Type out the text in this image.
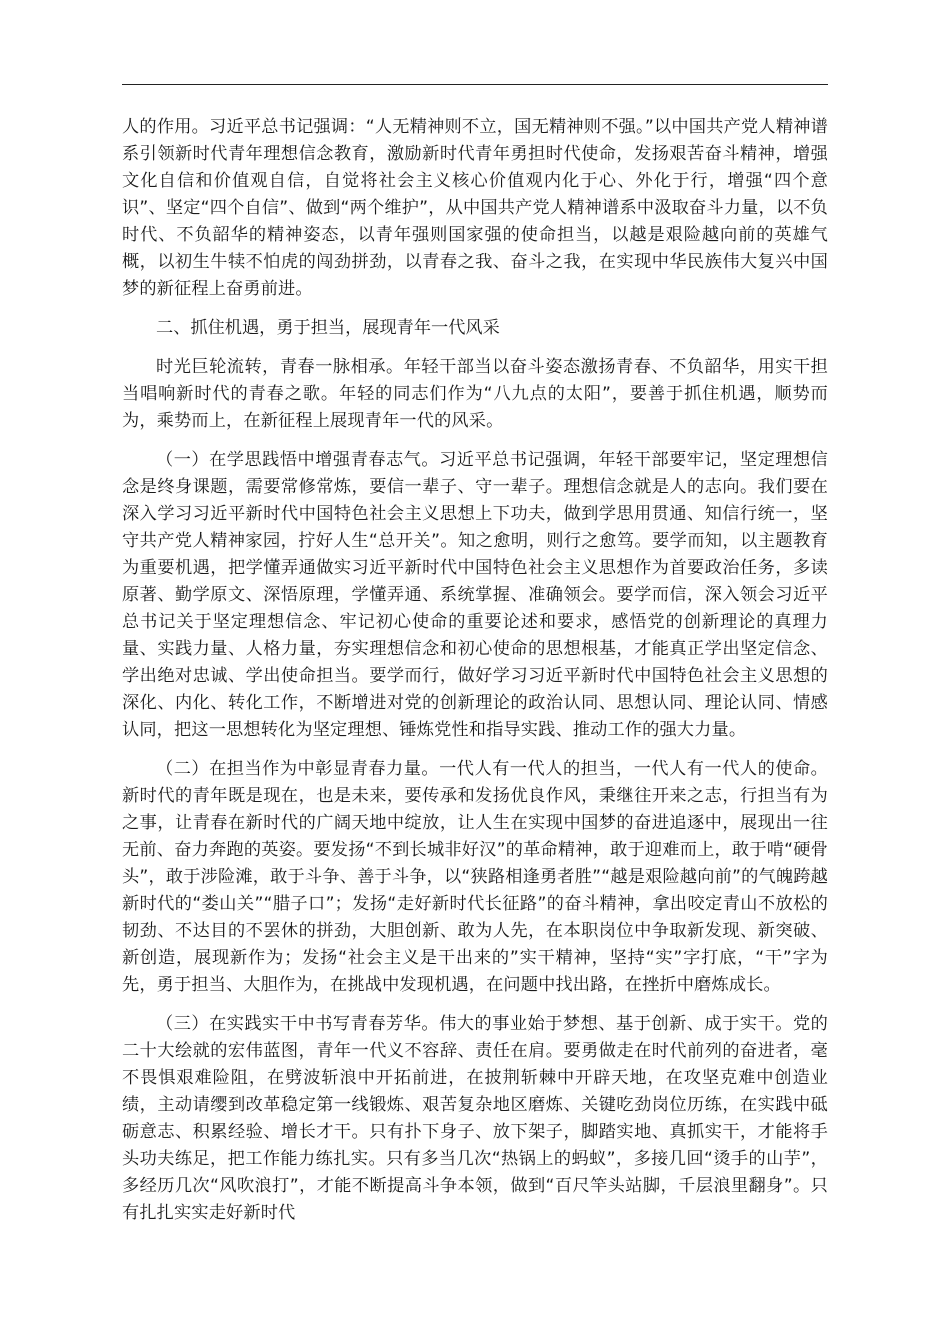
人的作用。习近平总书记强调：“人无精神则不立，国无精神则不强。”以中国共产党人精神谱系引领新时代青年理想信念教育，激励新时代青年勇担时代使命，发扬艰苦奋斗精神，增强文化自信和价值观自信，自觉将社会主义核心价值观内化于心、外化于行，增强“四个意识”、坚定“四个自信”、做到“两个维护”，从中国共产党人精神谱系中汲取奋斗力量，以不负时代、不负韶华的精神姿态，以青年强则国家强的使命担当，以越是艰险越向前的英雄气概，以初生牛犊不怕虎的闯劲拼劲，以青春之我、奋斗之我，在实现中华民族伟大复兴中国梦的新征程上奋勇前进。

二、抓住机遇，勇于担当，展现青年一代风采

时光巨轮流转，青春一脉相承。年轻干部当以奋斗姿态激扬青春、不负韶华，用实干担当唱响新时代的青春之歌。年轻的同志们作为“八九点的太阳”，要善于抓住机遇，顺势而为，乘势而上，在新征程上展现青年一代的风采。

（一）在学思践悟中增强青春志气。习近平总书记强调，年轻干部要牢记，坚定理想信念是终身课题，需要常修常炼，要信一辈子、守一辈子。理想信念就是人的志向。我们要在深入学习习近平新时代中国特色社会主义思想上下功夫，做到学思用贯通、知信行统一，坚守共产党人精神家园，拧好人生“总开关”。知之愈明，则行之愈笃。要学而知，以主题教育为重要机遇，把学懂弄通做实习近平新时代中国特色社会主义思想作为首要政治任务，多读原著、勤学原文、深悟原理，学懂弄通、系统掌握、准确领会。要学而信，深入领会习近平总书记关于坚定理想信念、牢记初心使命的重要论述和要求，感悟党的创新理论的真理力量、实践力量、人格力量，夯实理想信念和初心使命的思想根基，才能真正学出坚定信念、学出绝对忠诚、学出使命担当。要学而行，做好学习习近平新时代中国特色社会主义思想的深化、内化、转化工作，不断增进对党的创新理论的政治认同、思想认同、理论认同、情感认同，把这一思想转化为坚定理想、锤炼党性和指导实践、推动工作的强大力量。

（二）在担当作为中彰显青春力量。一代人有一代人的担当，一代人有一代人的使命。新时代的青年既是现在，也是未来，要传承和发扬优良作风，秉继往开来之志，行担当有为之事，让青春在新时代的广阔天地中绽放，让人生在实现中国梦的奋进追逐中，展现出一往无前、奋力奔跑的英姿。要发扬“不到长城非好汉”的革命精神，敢于迎难而上，敢于啃“硬骨头”，敢于涉险滩，敢于斗争、善于斗争，以“狭路相逢勇者胜”“越是艰险越向前”的气魄跨越新时代的“娄山关”“腊子口”；发扬“走好新时代长征路”的奋斗精神，拿出咬定青山不放松的韧劲、不达目的不罢休的拼劲，大胆创新、敢为人先，在本职岗位中争取新发现、新突破、新创造，展现新作为；发扬“社会主义是干出来的”实干精神，坚持“实”字打底，“干”字为先，勇于担当、大胆作为，在挑战中发现机遇，在问题中找出路，在挫折中磨炼成长。

（三）在实践实干中书写青春芳华。伟大的事业始于梦想、基于创新、成于实干。党的二十大绘就的宏伟蓝图，青年一代义不容辞、责任在肩。要勇做走在时代前列的奋进者，毫不畏惧艰难险阻，在劈波斩浪中开拓前进，在披荆斩棘中开辟天地，在攻坚克难中创造业绩，主动请缨到改革稳定第一线锻炼、艰苦复杂地区磨炼、关键吃劲岗位历练，在实践中砥砺意志、积累经验、增长才干。只有扑下身子、放下架子，脚踏实地、真抓实干，才能将手头功夫练足，把工作能力练扎实。只有多当几次“热锅上的蚂蚁”，多接几回“烫手的山芋”，多经历几次“风吹浪打”，才能不断提高斗争本领，做到“百尺竿头站脚，千层浪里翻身”。只有扎扎实实走好新时代
